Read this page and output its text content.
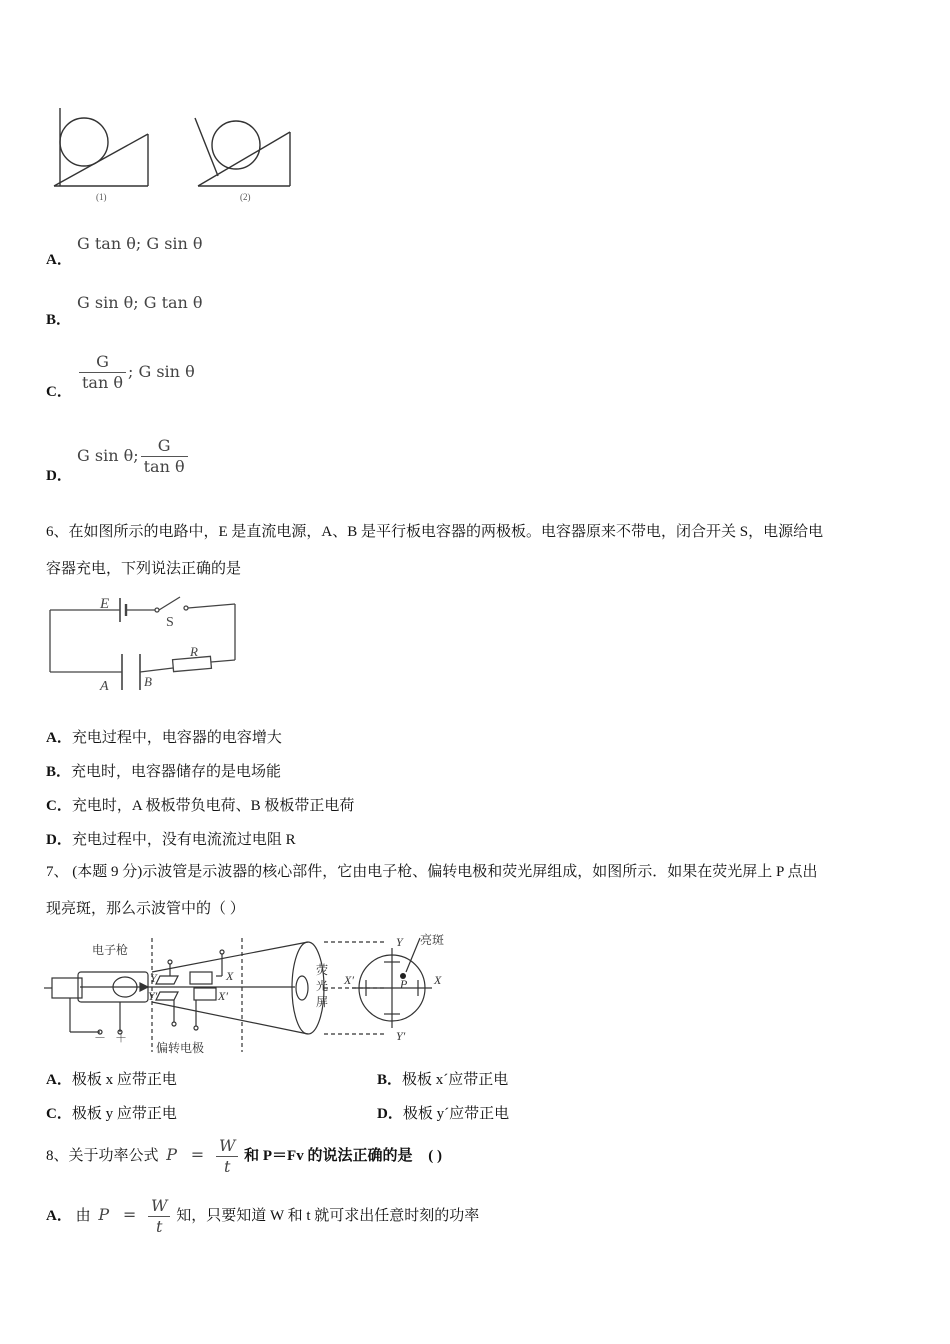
(1)	(2)
A．
G tan θ; G sin θ
B．
G sin θ; G tan θ
C． $\frac{G}{\text{tan θ}}$ ; G sin θ
D．
G sin θ; $\frac{G}{\text{tan θ}}$
6、在如图所示的电路中，E 是直流电源，A、B 是平行板电容器的两极板。电容器原来不带电，闭合开关 S，电源给电
容器充电，下列说法正确的是
E
S
R
A	B
A．充电过程中，电容器的电容增大
B．充电时，电容器储存的是电场能
C．充电时，A 极板带负电荷、B 极板带正电荷
D．充电过程中，没有电流流过电阻 R
7、 (本题 9 分)示波管是示波器的核心部件，它由电子枪、偏转电极和荧光屏组成，如图所示．如果在荧光屏上 P 点出
现亮斑，那么示波管中的（ ）
电子枪
偏转电极
亮斑
荧
光
屏
－ ＋
Y
Y′
X
X′
Y
Y′
X′	X
P
A．极板 x 应带正电	B．极板 x´应带正电
C．极板 y 应带正电	D．极板 y´应带正电
8、关于功率公式 $P = \frac{W}{t}$ 和 P＝Fv 的说法正确的是 ( )
A． 由 $P = \frac{W}{t}$ 知，只要知道 W 和 t 就可求出任意时刻的功率
